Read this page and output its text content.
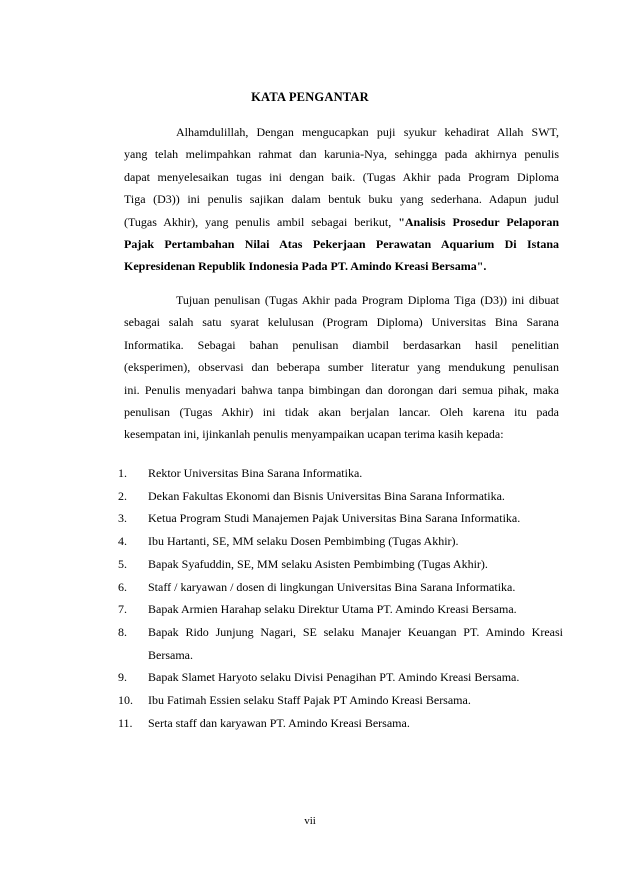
KATA PENGANTAR
Alhamdulillah, Dengan mengucapkan puji syukur kehadirat Allah SWT,
yang telah melimpahkan rahmat dan karunia-Nya, sehingga pada akhirnya penulis
dapat menyelesaikan tugas ini dengan baik. (Tugas Akhir pada Program Diploma
Tiga (D3)) ini penulis sajikan dalam bentuk buku yang sederhana. Adapun judul
(Tugas Akhir), yang penulis ambil sebagai berikut, "Analisis Prosedur Pelaporan
Pajak Pertambahan Nilai Atas Pekerjaan Perawatan Aquarium Di Istana
Kepresidenan Republik Indonesia Pada PT. Amindo Kreasi Bersama".
Tujuan penulisan (Tugas Akhir pada Program Diploma Tiga (D3)) ini dibuat
sebagai salah satu syarat kelulusan (Program Diploma) Universitas Bina Sarana
Informatika. Sebagai bahan penulisan diambil berdasarkan hasil penelitian
(eksperimen), observasi dan beberapa sumber literatur yang mendukung penulisan
ini. Penulis menyadari bahwa tanpa bimbingan dan dorongan dari semua pihak, maka
penulisan (Tugas Akhir) ini tidak akan berjalan lancar. Oleh karena itu pada
kesempatan ini, ijinkanlah penulis menyampaikan ucapan terima kasih kepada:
1.	Rektor Universitas Bina Sarana Informatika.
2.	Dekan Fakultas Ekonomi dan Bisnis Universitas Bina Sarana Informatika.
3.	Ketua Program Studi Manajemen Pajak Universitas Bina Sarana Informatika.
4.	Ibu Hartanti, SE, MM selaku Dosen Pembimbing (Tugas Akhir).
5.	Bapak Syafuddin, SE, MM selaku Asisten Pembimbing (Tugas Akhir).
6.	Staff / karyawan / dosen di lingkungan Universitas Bina Sarana Informatika.
7.	Bapak Armien Harahap selaku Direktur Utama PT. Amindo Kreasi Bersama.
8.	Bapak Rido Junjung Nagari, SE selaku Manajer Keuangan PT. Amindo Kreasi
Bersama.
9.	Bapak Slamet Haryoto selaku Divisi Penagihan PT. Amindo Kreasi Bersama.
10.	Ibu Fatimah Essien selaku Staff Pajak PT Amindo Kreasi Bersama.
11.	Serta staff dan karyawan PT. Amindo Kreasi Bersama.
vii
